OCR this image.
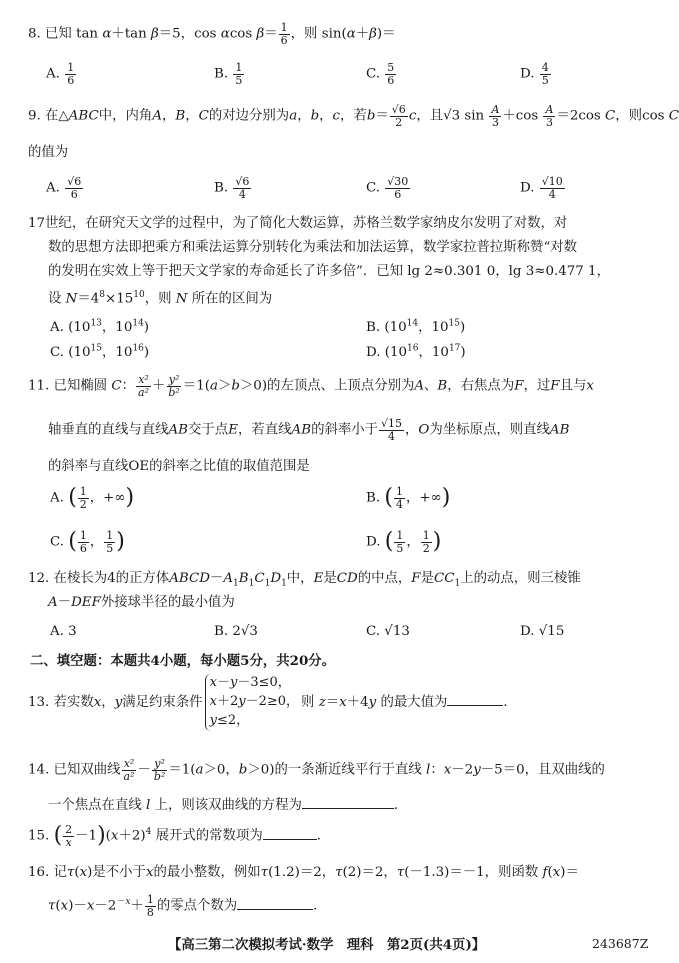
8. 已知 tan α＋tan β＝5，cos αcos $\beta= \frac{1}{6}$ ，则 sin(α＋β)＝
A. $\frac{1}{6}$	B. $\frac{1}{5}$	C. $\frac{5}{6}$	D. $\frac{4}{5}$
9. 在△ABC中，内角A，B，C的对边分别为a，b，c，若$b= \frac{√6}{2}$ c，且√3 $\sin \frac{A}{3} +\cos \frac{A}{3} =2\cos$ C，则cos C
的值为
A. $\frac{√6}{6}$	B. $\frac{√6}{4}$	C. $\frac{√30}{6}$	D. $\frac{√10}{4}$
17世纪，在研究天文学的过程中，为了简化大数运算，苏格兰数学家纳皮尔发明了对数，对
数的思想方法即把乘方和乘法运算分别转化为乘法和加法运算，数学家拉普拉斯称赞“对数
的发明在实效上等于把天文学家的寿命延长了许多倍”．已知 lg 2≈0.301 0，lg 3≈0.477 1，
设 $N=4^8\times 15^{10}$，则 N 所在的区间为
A. ($10^{13}$，$10^{14}$)	B. ($10^{14}$，$10^{15}$)
C. ($10^{15}$，$10^{16}$)	D. ($10^{16}$，$10^{17}$)
11. 已知椭圆 C： $\frac{\text{x²}}{\text{a²}} + \frac{\text{y²}}{\text{b²}} =1(a>b>0)$的左顶点、上顶点分别为A、B，右焦点为F，过F且与x
轴垂直的直线与直线AB交于点E，若直线AB的斜率小于 $\frac{√15}{4}$ ，O为坐标原点，则直线AB
的斜率与直线OE的斜率之比值的取值范围是
A. ( $\frac{1}{2}$ ，+∞)	B. ( $\frac{1}{4}$ ，+∞)
C. ( $\frac{1}{6}$ ， $\frac{1}{5}$ )	D. ( $\frac{1}{5}$ ， $\frac{1}{2}$ )
12. 在棱长为4的正方体$ABCD-A_1B_1C_1D_1$中，E是CD的中点，F是$CC_1$上的动点，则三棱锥
A－DEF外接球半径的最小值为
A. 3	B. 2√3	C. √13	D. √15
二、填空题：本题共4小题，每小题5分，共20分。
13. 若实数x，y满足约束条件x－y－3≤0，
x＋2y－2≥0，
y≤2，则 z＝x＋4y 的最大值为	．
14. 已知双曲线 $\frac{\text{x²}}{\text{a²}} - \frac{\text{y²}}{\text{b²}} =1(a>0$，b＞0)的一条渐近线平行于直线 l：x－2y－5＝0，且双曲线的
一个焦点在直线 l 上，则该双曲线的方程为	．
15. ( $\frac{2}{x} -1)(x+2)^4$ 展开式的常数项为	．
16. 记τ(x)是不小于x的最小整数，例如τ(1.2)＝2，τ(2)＝2，τ(－1.3)＝－1，则函数 f(x)＝
$\tau(x)-x-2^{-x}+ \frac{1}{8}$ 的零点个数为	．
【高三第二次模拟考试·数学　理科　第2页(共4页)】	243687Z
